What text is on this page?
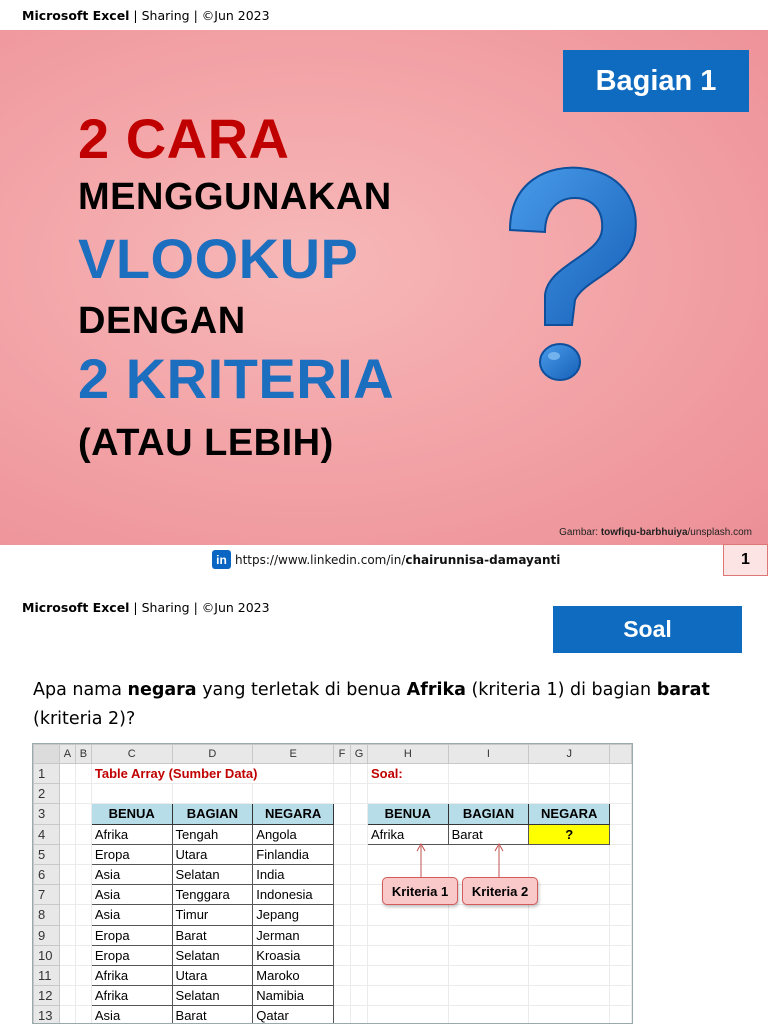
Microsoft Excel | Sharing | ©Jun 2023
Bagian 1
2 CARA
MENGGUNAKAN
VLOOKUP
DENGAN
2 KRITERIA
(ATAU LEBIH)
Gambar: towfiqu-barbhuiya/unsplash.com
in https://www.linkedin.com/in/chairunnisa-damayanti	1
Microsoft Excel | Sharing | ©Jun 2023
Soal
Apa nama negara yang terletak di benua Afrika (kriteria 1) di bagian barat
(kriteria 2)?
	A	B	C	D	E	F	G	H	I	J	
1			Table Array (Sumber Data)					Soal:			
2											
3			BENUA	BAGIAN	NEGARA			BENUA	BAGIAN	NEGARA	
4			Afrika	Tengah	Angola			Afrika	Barat	?	
5			Eropa	Utara	Finlandia						
6			Asia	Selatan	India						
7			Asia	Tenggara	Indonesia						
8			Asia	Timur	Jepang						
9			Eropa	Barat	Jerman						
10			Eropa	Selatan	Kroasia						
11			Afrika	Utara	Maroko						
12			Afrika	Selatan	Namibia						
13			Asia	Barat	Qatar						
Kriteria 1	Kriteria 2
